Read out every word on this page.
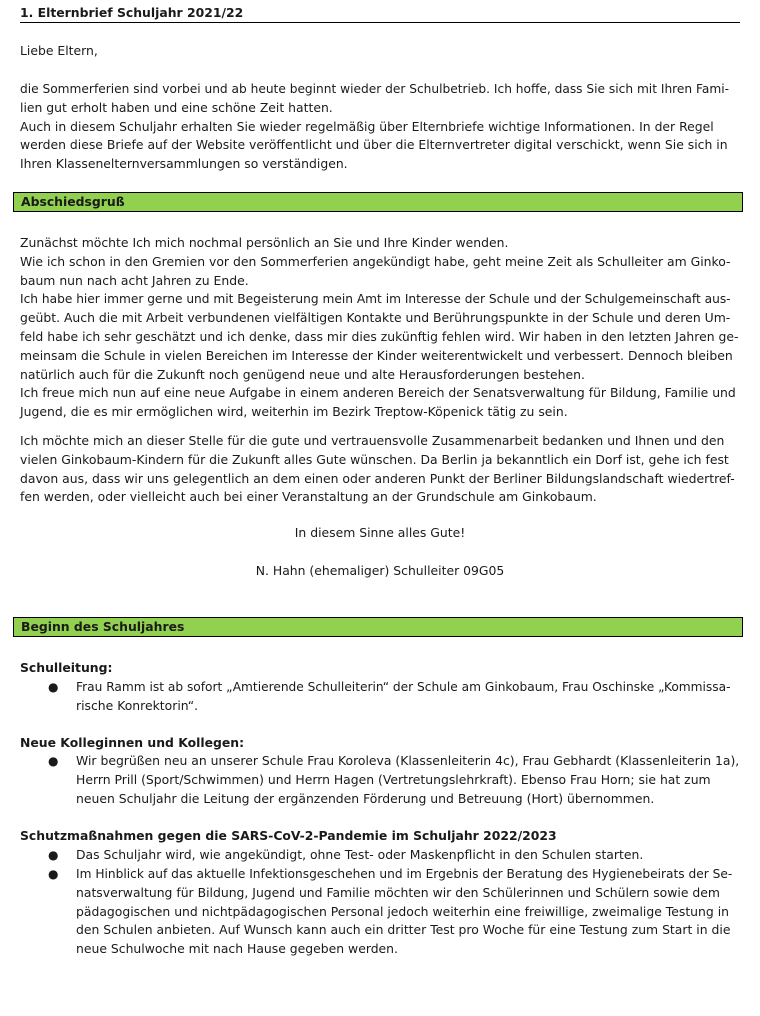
1. Elternbrief Schuljahr 2021/22

Liebe Eltern,

die Sommerferien sind vorbei und ab heute beginnt wieder der Schulbetrieb. Ich hoffe, dass Sie sich mit Ihren Fami-
lien gut erholt haben und eine schöne Zeit hatten.
Auch in diesem Schuljahr erhalten Sie wieder regelmäßig über Elternbriefe wichtige Informationen. In der Regel
werden diese Briefe auf der Website veröffentlicht und über die Elternvertreter digital verschickt, wenn Sie sich in
Ihren Klassenelternversammlungen so verständigen.

Abschiedsgruß

Zunächst möchte Ich mich nochmal persönlich an Sie und Ihre Kinder wenden.
Wie ich schon in den Gremien vor den Sommerferien angekündigt habe, geht meine Zeit als Schulleiter am Ginko-
baum nun nach acht Jahren zu Ende.
Ich habe hier immer gerne und mit Begeisterung mein Amt im Interesse der Schule und der Schulgemeinschaft aus-
geübt. Auch die mit Arbeit verbundenen vielfältigen Kontakte und Berührungspunkte in der Schule und deren Um-
feld habe ich sehr geschätzt und ich denke, dass mir dies zukünftig fehlen wird. Wir haben in den letzten Jahren ge-
meinsam die Schule in vielen Bereichen im Interesse der Kinder weiterentwickelt und verbessert. Dennoch bleiben
natürlich auch für die Zukunft noch genügend neue und alte Herausforderungen bestehen.
Ich freue mich nun auf eine neue Aufgabe in einem anderen Bereich der Senatsverwaltung für Bildung, Familie und
Jugend, die es mir ermöglichen wird, weiterhin im Bezirk Treptow-Köpenick tätig zu sein.

Ich möchte mich an dieser Stelle für die gute und vertrauensvolle Zusammenarbeit bedanken und Ihnen und den
vielen Ginkobaum-Kindern für die Zukunft alles Gute wünschen. Da Berlin ja bekanntlich ein Dorf ist, gehe ich fest
davon aus, dass wir uns gelegentlich an dem einen oder anderen Punkt der Berliner Bildungslandschaft wiedertref-
fen werden, oder vielleicht auch bei einer Veranstaltung an der Grundschule am Ginkobaum.

In diesem Sinne alles Gute!

N. Hahn (ehemaliger) Schulleiter 09G05

Beginn des Schuljahres

Schulleitung:

● Frau Ramm ist ab sofort „Amtierende Schulleiterin“ der Schule am Ginkobaum, Frau Oschinske „Kommissa-
rische Konrektorin“.

Neue Kolleginnen und Kollegen:

● Wir begrüßen neu an unserer Schule Frau Koroleva (Klassenleiterin 4c), Frau Gebhardt (Klassenleiterin 1a),
Herrn Prill (Sport/Schwimmen) und Herrn Hagen (Vertretungslehrkraft). Ebenso Frau Horn; sie hat zum
neuen Schuljahr die Leitung der ergänzenden Förderung und Betreuung (Hort) übernommen.

Schutzmaßnahmen gegen die SARS-CoV-2-Pandemie im Schuljahr 2022/2023

● Das Schuljahr wird, wie angekündigt, ohne Test- oder Maskenpflicht in den Schulen starten.
● Im Hinblick auf das aktuelle Infektionsgeschehen und im Ergebnis der Beratung des Hygienebeirats der Se-
natsverwaltung für Bildung, Jugend und Familie möchten wir den Schülerinnen und Schülern sowie dem
pädagogischen und nichtpädagogischen Personal jedoch weiterhin eine freiwillige, zweimalige Testung in
den Schulen anbieten. Auf Wunsch kann auch ein dritter Test pro Woche für eine Testung zum Start in die
neue Schulwoche mit nach Hause gegeben werden.
